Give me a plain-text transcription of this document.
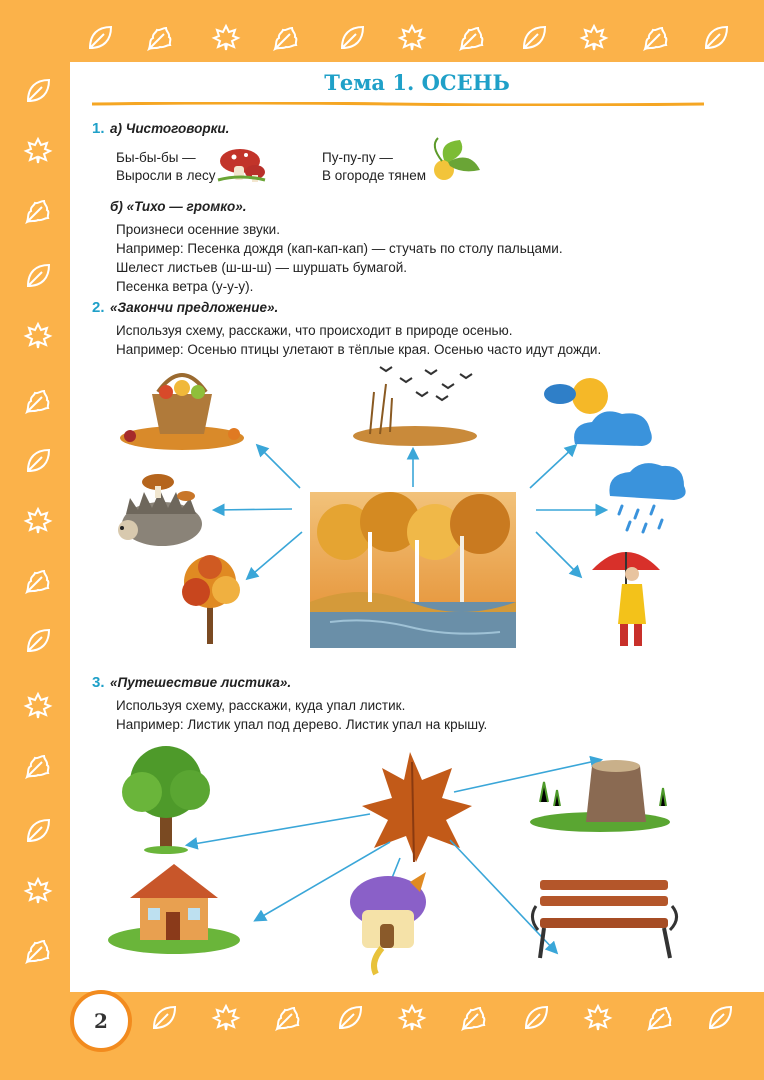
Тема 1. ОСЕНЬ
1. а) Чистоговорки.
Бы-бы-бы —
Выросли в лесу
Пу-пу-пу —
В огороде тянем
б) «Тихо — громко».
Произнеси осенние звуки.
Например: Песенка дождя (кап-кап-кап) — стучать по столу пальцами.
Шелест листьев (ш-ш-ш) — шуршать бумагой.
Песенка ветра (у-у-у).
2. «Закончи предложение».
Используя схему, расскажи, что происходит в природе осенью.
Например: Осенью птицы улетают в тёплые края. Осенью часто идут дожди.
3. «Путешествие листика».
Используя схему, расскажи, куда упал листик.
Например: Листик упал под дерево. Листик упал на крышу.
2
